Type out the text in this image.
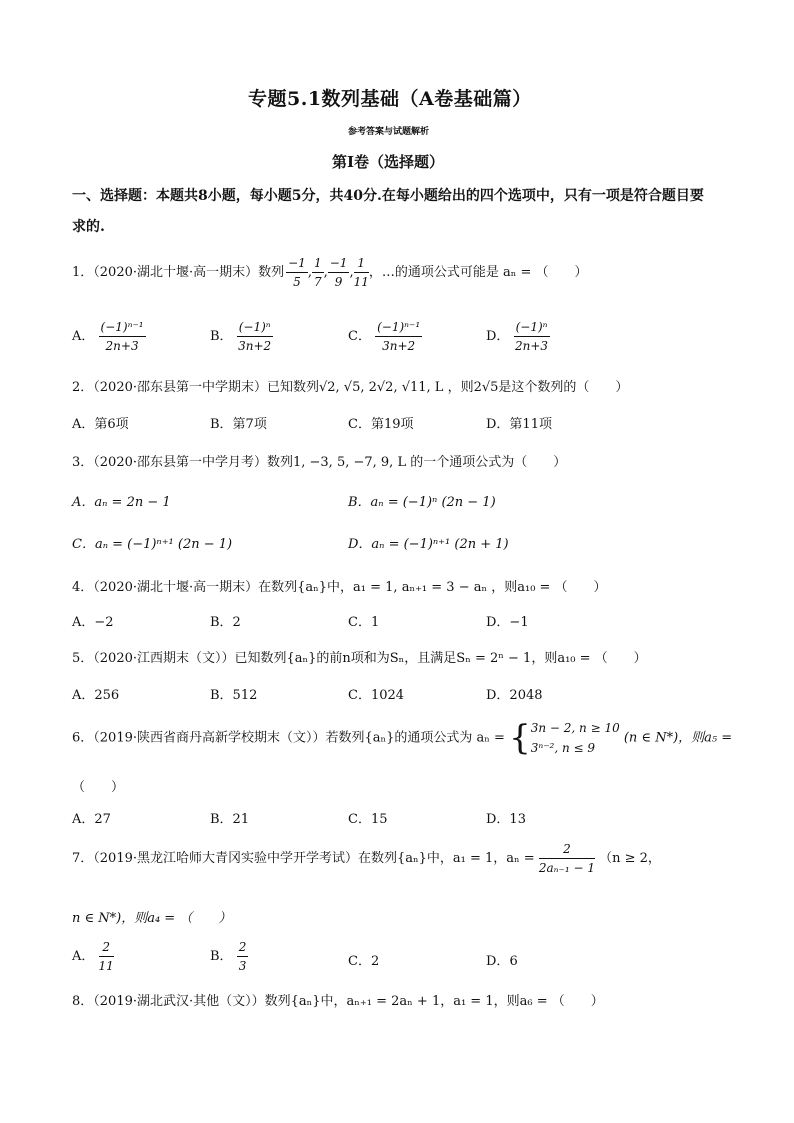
专题5.1数列基础（A卷基础篇）
参考答案与试题解析
第I卷（选择题）
一、选择题：本题共8小题，每小题5分，共40分.在每小题给出的四个选项中，只有一项是符合题目要
求的.
1．（2020·湖北十堰·高一期末）数列 $\frac{-1}{5}$ , $\frac{1}{7}$ , $\frac{-1}{9}$ , $\frac{1}{11}$ ，…的通项公式可能是 aₙ = （　　）
A． $\frac{\text{(−1)ⁿ⁻¹}}{2n+3}$	B． $\frac{\text{(−1)ⁿ}}{3n+2}$	C． $\frac{\text{(−1)ⁿ⁻¹}}{3n+2}$	D． $\frac{\text{(−1)ⁿ}}{2n+3}$
2．（2020·邵东县第一中学期末）已知数列√2, √5, 2√2, √11, L ，则2√5是这个数列的（　　）
A．第6项	B．第7项	C．第19项	D．第11项
3．（2020·邵东县第一中学月考）数列1, −3, 5, −7, 9, L 的一个通项公式为（　　）
A．aₙ = 2n − 1	B．aₙ = (−1)ⁿ (2n − 1)
C．aₙ = (−1)ⁿ⁺¹ (2n − 1)	D．aₙ = (−1)ⁿ⁺¹ (2n + 1)
4．（2020·湖北十堰·高一期末）在数列{aₙ}中，a₁ = 1, aₙ₊₁ = 3 − aₙ ，则a₁₀ = （　　）
A．−2	B．2	C．1	D．−1
5．（2020·江西期末（文））已知数列{aₙ}的前n项和为Sₙ，且满足Sₙ = 2ⁿ − 1，则a₁₀ = （　　）
A．256	B．512	C．1024	D．2048
6．（2019·陕西省商丹高新学校期末（文））若数列{aₙ}的通项公式为 aₙ = { 3n − 2, n ≥ 10
3ⁿ⁻², n ≤ 9
(n ∈ N*)，则a₅ =
（　　）
A．27	B．21	C．15	D．13
7．（2019·黑龙江哈师大青冈实验中学开学考试）在数列{aₙ}中，a₁ = 1，$a_n = \frac{2}{\text{2aₙ₋₁ − 1}} (n \ge 2$，
n ∈ N*)，则a₄ = （　　）
A． $\frac{2}{11}$	B． $\frac{2}{3}$	C．2	D．6
8．（2019·湖北武汉·其他（文））数列{aₙ}中，aₙ₊₁ = 2aₙ + 1，a₁ = 1，则a₆ = （　　）
